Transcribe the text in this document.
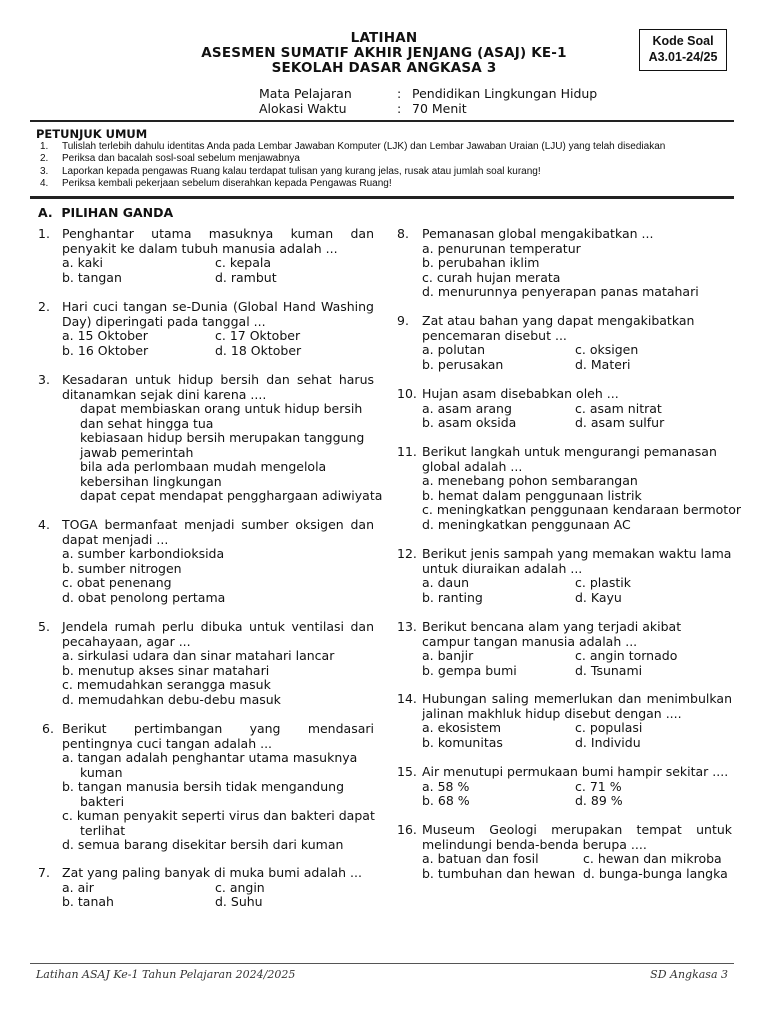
LATIHAN
ASESMEN SUMATIF AKHIR JENJANG (ASAJ) KE-1
SEKOLAH DASAR ANGKASA 3
Kode Soal
A3.01-24/25
Mata Pelajaran	: Pendidikan Lingkungan Hidup
Alokasi Waktu	: 70 Menit
PETUNJUK UMUM
1. Tulislah terlebih dahulu identitas Anda pada Lembar Jawaban Komputer (LJK) dan Lembar Jawaban Uraian (LJU) yang telah disediakan
2. Periksa dan bacalah sosl-soal sebelum menjawabnya
3. Laporkan kepada pengawas Ruang kalau terdapat tulisan yang kurang jelas, rusak atau jumlah soal kurang!
4. Periksa kembali pekerjaan sebelum diserahkan kepada Pengawas Ruang!
A. PILIHAN GANDA
1. Penghantar utama masuknya kuman dan penyakit ke dalam tubuh manusia adalah ...
a. kaki
b. tangan
c. kepala
d. rambut
2. Hari cuci tangan se-Dunia (Global Hand Washing Day) diperingati pada tanggal ...
a. 15 Oktober
b. 16 Oktober
c. 17 Oktober
d. 18 Oktober
3. Kesadaran untuk hidup bersih dan sehat harus ditanamkan sejak dini karena ....
dapat membiaskan orang untuk hidup bersih
dan sehat hingga tua
kebiasaan hidup bersih merupakan tanggung
jawab pemerintah
bila ada perlombaan mudah mengelola
kebersihan lingkungan
dapat cepat mendapat pengghargaan adiwiyata
4. TOGA bermanfaat menjadi sumber oksigen dan dapat menjadi ...
a. sumber karbondioksida
b. sumber nitrogen
c. obat penenang
d. obat penolong pertama
5. Jendela rumah perlu dibuka untuk ventilasi dan pecahayaan, agar ...
a. sirkulasi udara dan sinar matahari lancar
b. menutup akses sinar matahari
c. memudahkan serangga masuk
d. memudahkan debu-debu masuk
6. Berikut pertimbangan yang mendasari pentingnya cuci tangan adalah ...
a. tangan adalah penghantar utama masuknya
kuman
b. tangan manusia bersih tidak mengandung
bakteri
c. kuman penyakit seperti virus dan bakteri dapat
terlihat
d. semua barang disekitar bersih dari kuman
7. Zat yang paling banyak di muka bumi adalah ...
a. air
b. tanah
c. angin
d. Suhu
8. Pemanasan global mengakibatkan ...
a. penurunan temperatur
b. perubahan iklim
c. curah hujan merata
d. menurunnya penyerapan panas matahari
9. Zat atau bahan yang dapat mengakibatkan pencemaran disebut ...
a. polutan
b. perusakan
c. oksigen
d. Materi
10. Hujan asam disebabkan oleh ...
a. asam arang
b. asam oksida
c. asam nitrat
d. asam sulfur
11. Berikut langkah untuk mengurangi pemanasan global adalah ...
a. menebang pohon sembarangan
b. hemat dalam penggunaan listrik
c. meningkatkan penggunaan kendaraan bermotor
d. meningkatkan penggunaan AC
12. Berikut jenis sampah yang memakan waktu lama untuk diuraikan adalah ...
a. daun
b. ranting
c. plastik
d. Kayu
13. Berikut bencana alam yang terjadi akibat campur tangan manusia adalah ...
a. banjir
b. gempa bumi
c. angin tornado
d. Tsunami
14. Hubungan saling memerlukan dan menimbulkan jalinan makhluk hidup disebut dengan ....
a. ekosistem
b. komunitas
c. populasi
d. Individu
15. Air menutupi permukaan bumi hampir sekitar ....
a. 58 %
b. 68 %
c. 71 %
d. 89 %
16. Museum Geologi merupakan tempat untuk melindungi benda-benda berupa ....
a. batuan dan fosil
b. tumbuhan dan hewan
c. hewan dan mikroba
d. bunga-bunga langka
Latihan ASAJ Ke-1 Tahun Pelajaran 2024/2025	SD Angkasa 3
